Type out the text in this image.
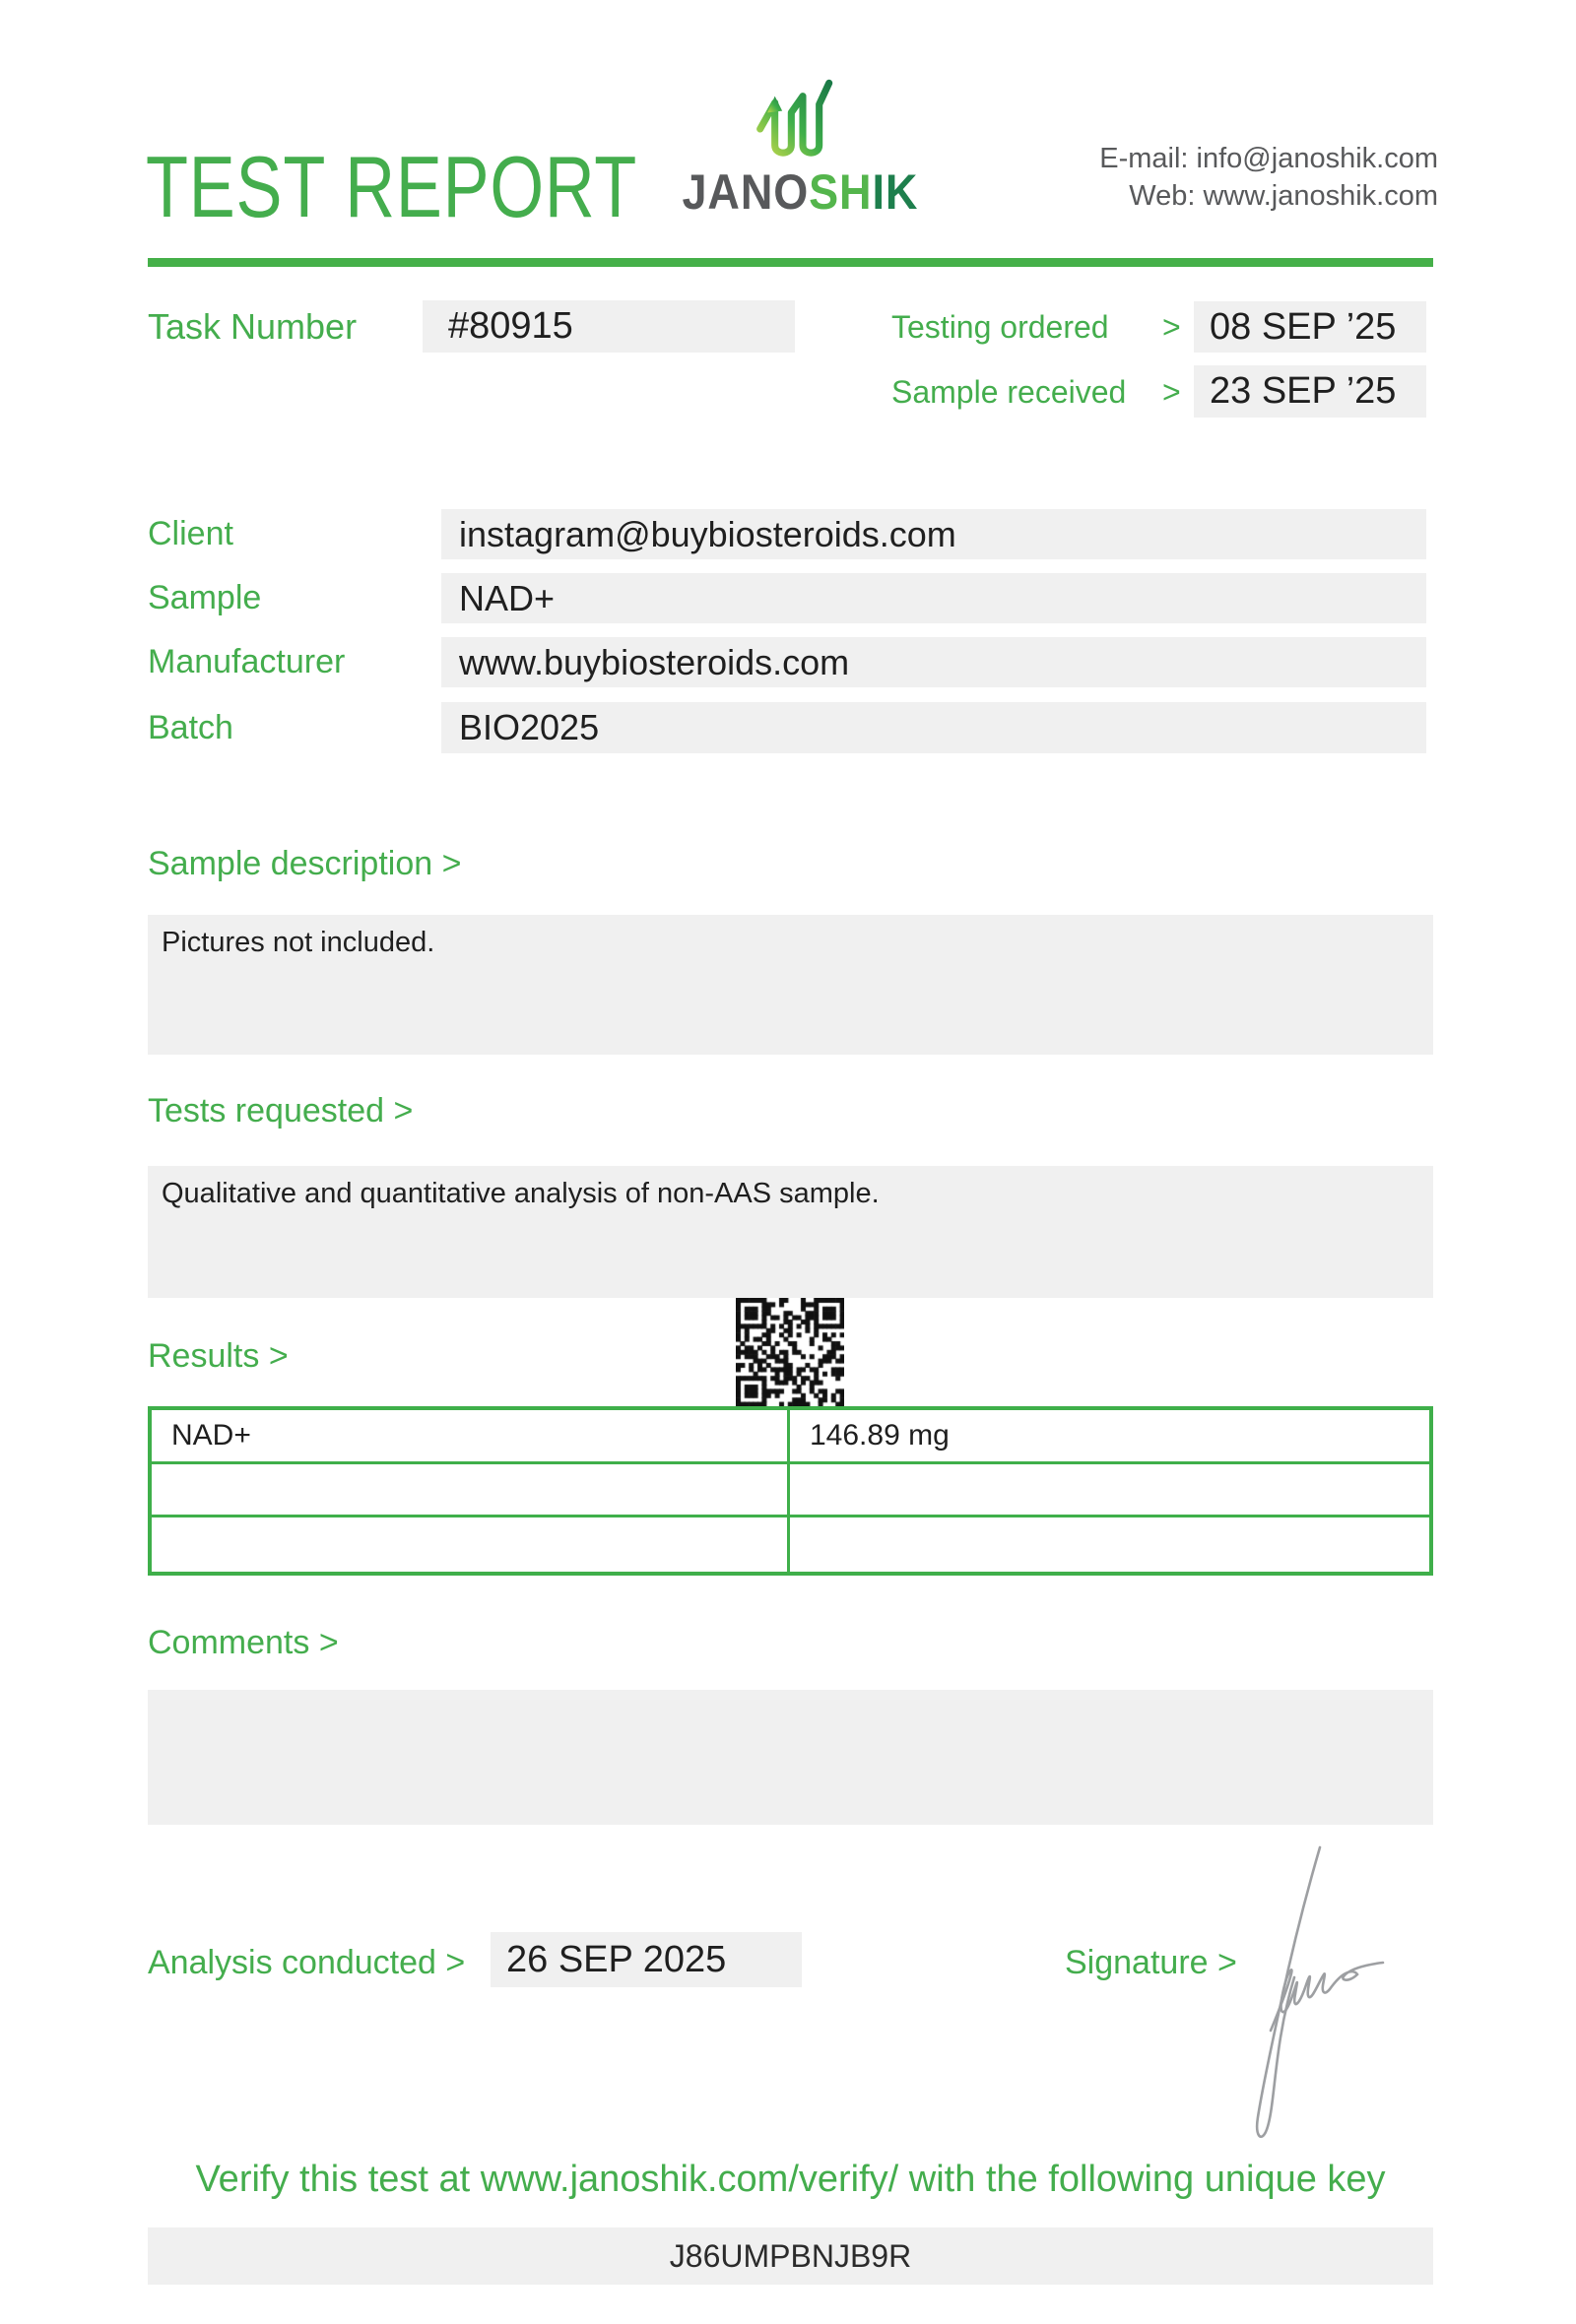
TEST REPORT JANOSHIK
E-mail: info@janoshik.com
Web: www.janoshik.com
Task Number	#80915	Testing ordered > 08 SEP ’25
Sample received > 23 SEP ’25
Client	instagram@buybiosteroids.com
Sample	NAD+
Manufacturer	www.buybiosteroids.com
Batch	BIO2025
Sample description >
Pictures not included.
Tests requested >
Qualitative and quantitative analysis of non-AAS sample.
Results >
NAD+	146.89 mg
Comments >
Analysis conducted >	26 SEP 2025	Signature >
Verify this test at www.janoshik.com/verify/ with the following unique key
J86UMPBNJB9R
